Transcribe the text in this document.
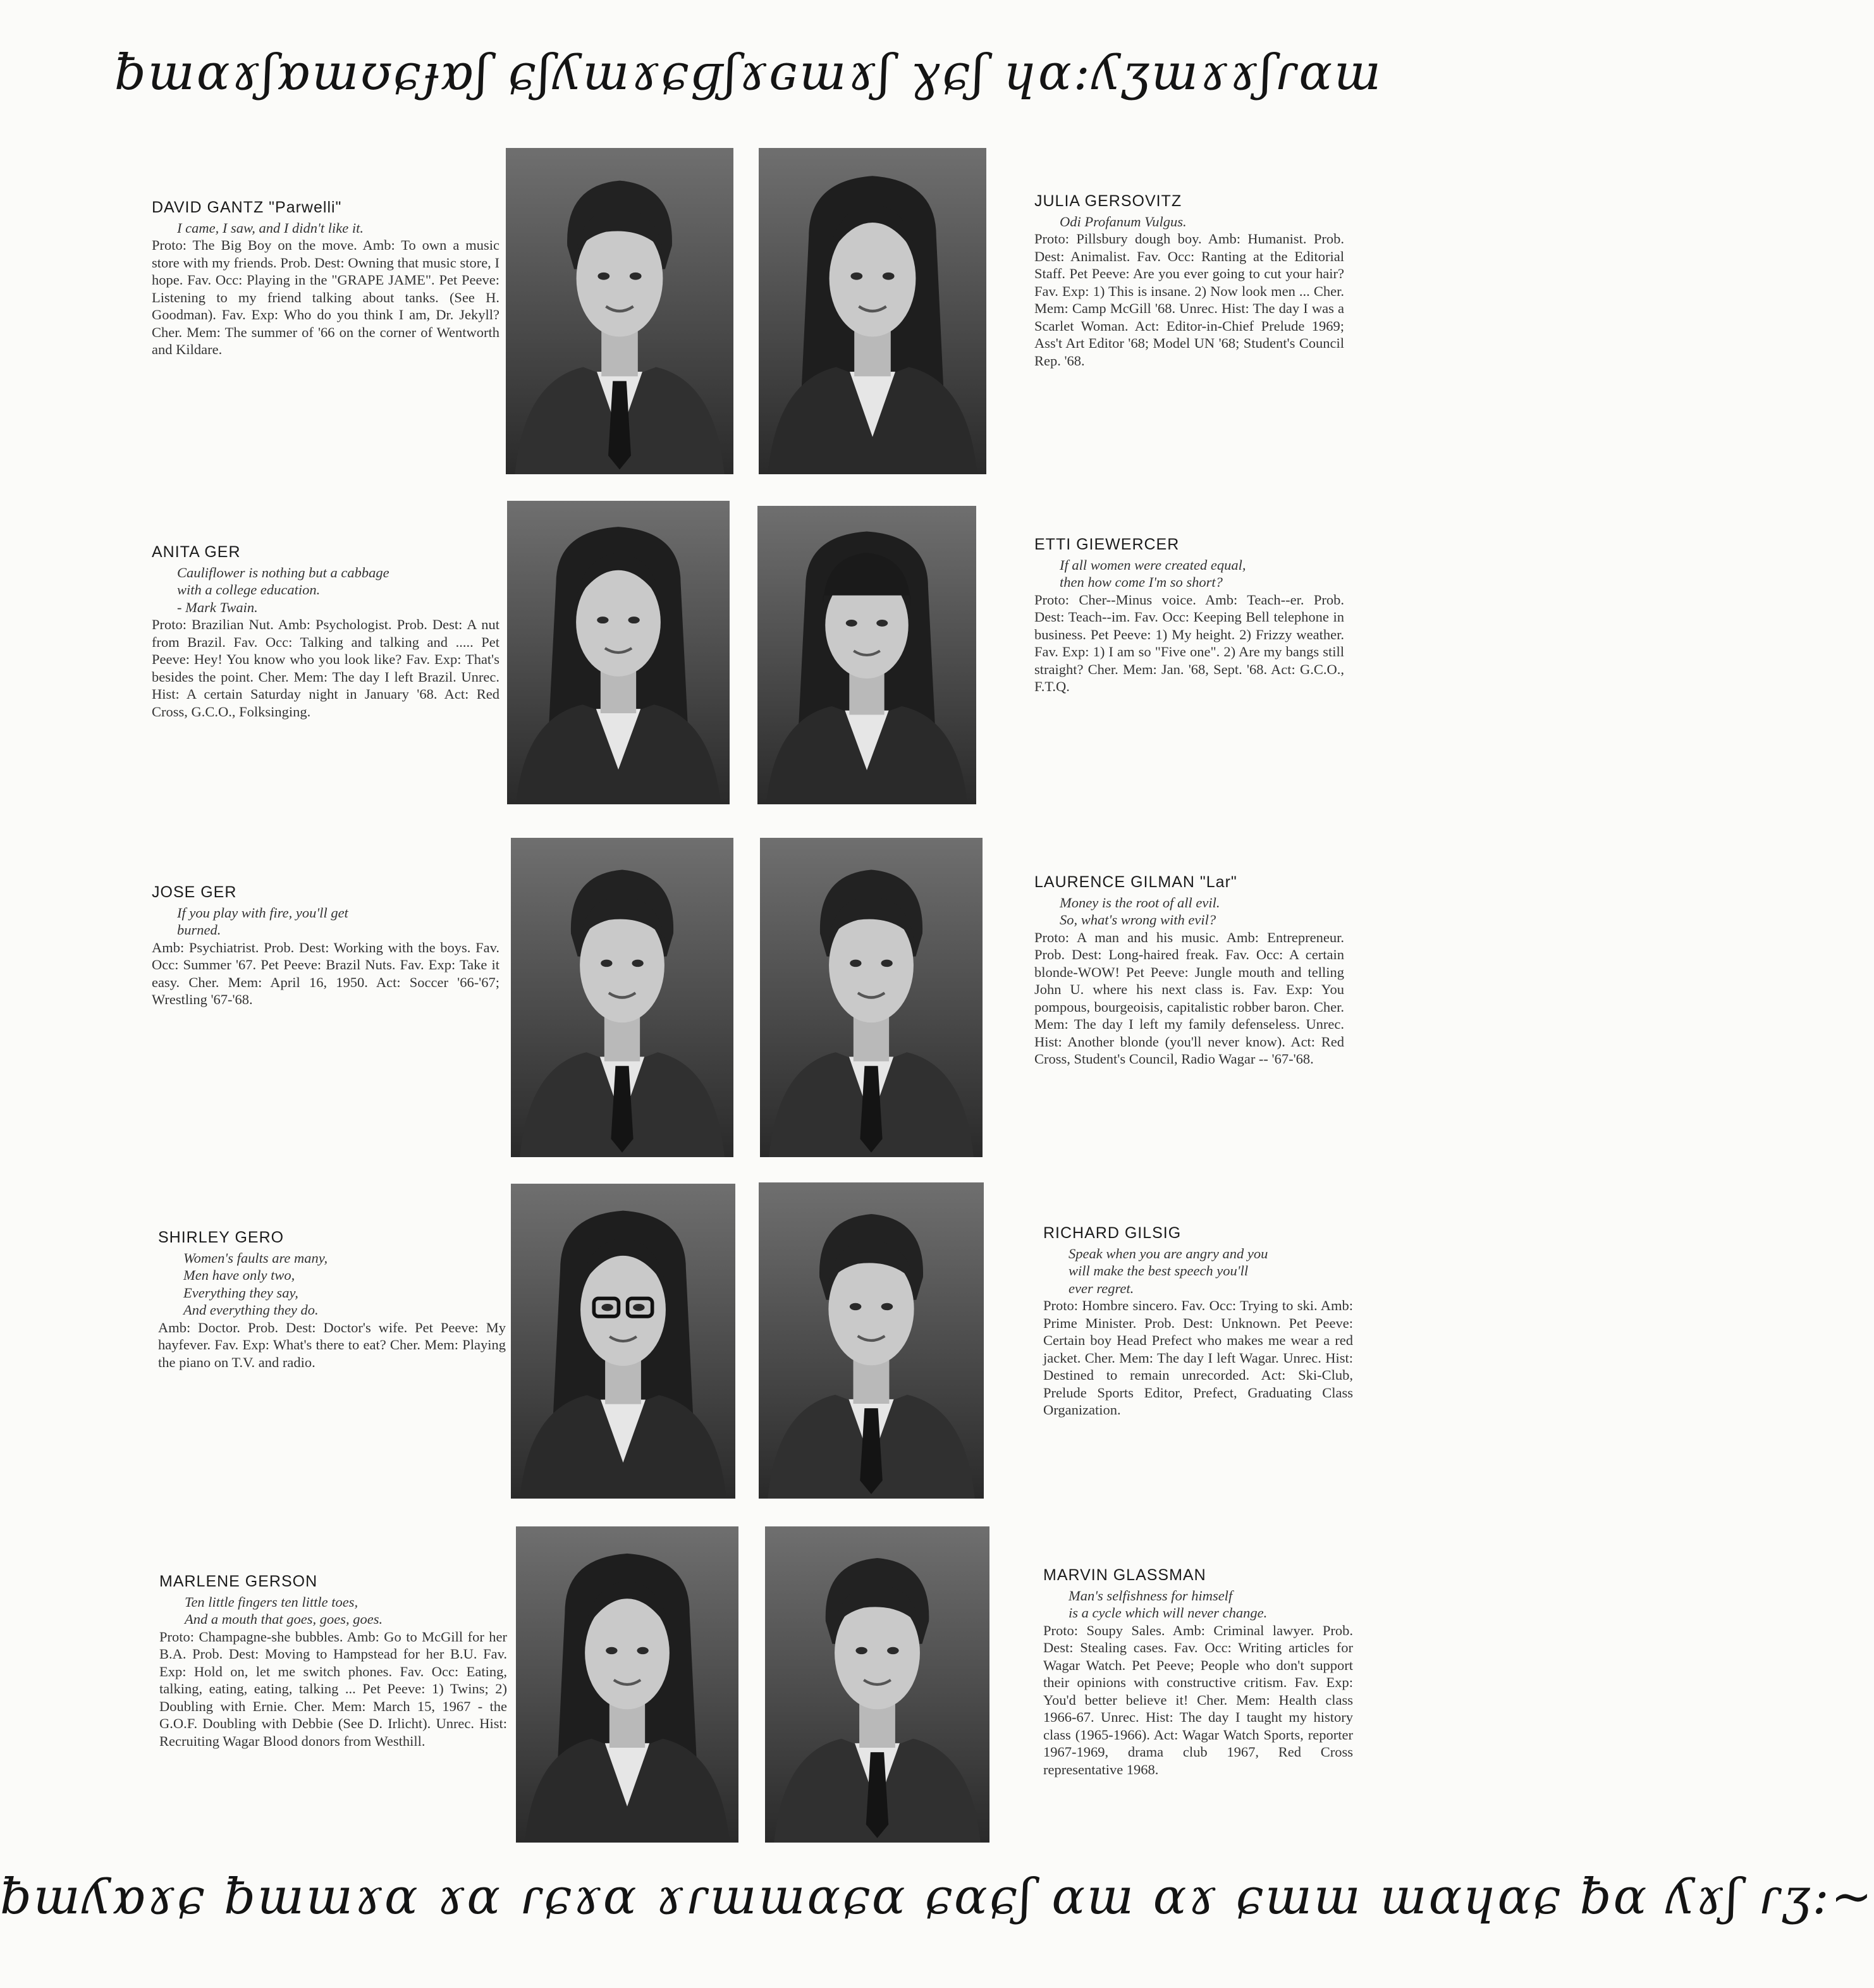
ƀɯɑɤʃɒɯʊɕɟɒʃ ɕʃʎɯɤɕɡʃɤɢɯɤʃ ɣɕʃ ɥɑ:ʎʒɯɤɤʃɾɑɯ
DAVID GANTZ "Parwelli"
I came, I saw, and I didn't like it.
Proto: The Big Boy on the move. Amb: To own a music store with my friends. Prob. Dest: Owning that music store, I hope. Fav. Occ: Playing in the "GRAPE JAME". Pet Peeve: Listening to my friend talking about tanks. (See H. Goodman). Fav. Exp: Who do you think I am, Dr. Jekyll? Cher. Mem: The summer of '66 on the corner of Wentworth and Kildare.
JULIA GERSOVITZ
Odi Profanum Vulgus.
Proto: Pillsbury dough boy. Amb: Humanist. Prob. Dest: Animalist. Fav. Occ: Ranting at the Editorial Staff. Pet Peeve: Are you ever going to cut your hair? Fav. Exp: 1) This is insane. 2) Now look men ... Cher. Mem: Camp McGill '68. Unrec. Hist: The day I was a Scarlet Woman. Act: Editor-in-Chief Prelude 1969; Ass't Art Editor '68; Model UN '68; Student's Council Rep. '68.
ANITA GER
Cauliflower is nothing but a cabbage
with a college education.
- Mark Twain.
Proto: Brazilian Nut. Amb: Psychologist. Prob. Dest: A nut from Brazil. Fav. Occ: Talking and talking and ..... Pet Peeve: Hey! You know who you look like? Fav. Exp: That's besides the point. Cher. Mem: The day I left Brazil. Unrec. Hist: A certain Saturday night in January '68. Act: Red Cross, G.C.O., Folksinging.
ETTI GIEWERCER
If all women were created equal,
then how come I'm so short?
Proto: Cher--Minus voice. Amb: Teach--er. Prob. Dest: Teach--im. Fav. Occ: Keeping Bell telephone in business. Pet Peeve: 1) My height. 2) Frizzy weather. Fav. Exp: 1) I am so "Five one". 2) Are my bangs still straight? Cher. Mem: Jan. '68, Sept. '68. Act: G.C.O., F.T.Q.
JOSE GER
If you play with fire, you'll get
burned.
Amb: Psychiatrist. Prob. Dest: Working with the boys. Fav. Occ: Summer '67. Pet Peeve: Brazil Nuts. Fav. Exp: Take it easy. Cher. Mem: April 16, 1950. Act: Soccer '66-'67; Wrestling '67-'68.
LAURENCE GILMAN "Lar"
Money is the root of all evil.
So, what's wrong with evil?
Proto: A man and his music. Amb: Entrepreneur. Prob. Dest: Long-haired freak. Fav. Occ: A certain blonde-WOW! Pet Peeve: Jungle mouth and telling John U. where his next class is. Fav. Exp: You pompous, bourgeoisis, capitalistic robber baron. Cher. Mem: The day I left my family defenseless. Unrec. Hist: Another blonde (you'll never know). Act: Red Cross, Student's Council, Radio Wagar -- '67-'68.
SHIRLEY GERO
Women's faults are many,
Men have only two,
Everything they say,
And everything they do.
Amb: Doctor. Prob. Dest: Doctor's wife. Pet Peeve: My hayfever. Fav. Exp: What's there to eat? Cher. Mem: Playing the piano on T.V. and radio.
RICHARD GILSIG
Speak when you are angry and you
will make the best speech you'll
ever regret.
Proto: Hombre sincero. Fav. Occ: Trying to ski. Amb: Prime Minister. Prob. Dest: Unknown. Pet Peeve: Certain boy Head Prefect who makes me wear a red jacket. Cher. Mem: The day I left Wagar. Unrec. Hist: Destined to remain unrecorded. Act: Ski-Club, Prelude Sports Editor, Prefect, Graduating Class Organization.
MARLENE GERSON
Ten little fingers ten little toes,
And a mouth that goes, goes, goes.
Proto: Champagne-she bubbles. Amb: Go to McGill for her B.A. Prob. Dest: Moving to Hampstead for her B.U. Fav. Exp: Hold on, let me switch phones. Fav. Occ: Eating, talking, eating, eating, talking ... Pet Peeve: 1) Twins; 2) Doubling with Ernie. Cher. Mem: March 15, 1967 - the G.O.F. Doubling with Debbie (See D. Irlicht). Unrec. Hist: Recruiting Wagar Blood donors from Westhill.
MARVIN GLASSMAN
Man's selfishness for himself
is a cycle which will never change.
Proto: Soupy Sales. Amb: Criminal lawyer. Prob. Dest: Stealing cases. Fav. Occ: Writing articles for Wagar Watch. Pet Peeve; People who don't support their opinions with constructive critism. Fav. Exp: You'd better believe it! Cher. Mem: Health class 1966-67. Unrec. Hist: The day I taught my history class (1965-1966). Act: Wagar Watch Sports, reporter 1967-1969, drama club 1967, Red Cross representative 1968.
ƀɯʎɒɤɕ ƀɯɯɤɑ ɤɑ ɾɕɤɑ ɤɾɯɯɑɕɑ ɕɑɕʃ ɑɯ ɑɤ ɕɯɯ ɯɑɥɑɕ ƀɑ ʎɤʃ ɾʒ:~
